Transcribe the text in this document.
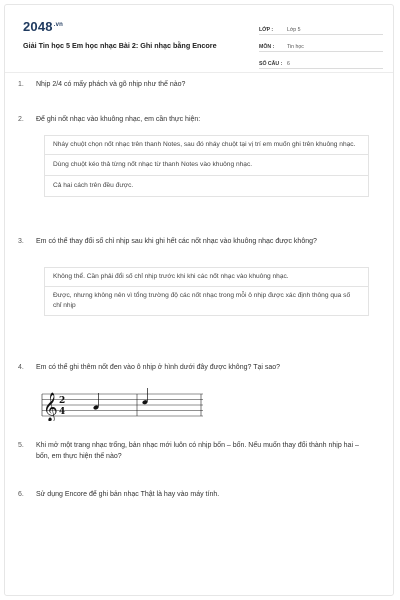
$2048^{.vn}$
Giải Tin học 5 Em học nhạc Bài 2: Ghi nhạc bằng Encore
LỚP :	Lớp 5
MÔN :	Tin học
SỐ CÂU : 6
1.	Nhịp 2/4 có mấy phách và gõ nhịp như thế nào?
2.	Để ghi nốt nhạc vào khuông nhạc, em cần thực hiện:
Nháy chuột chọn nốt nhạc trên thanh Notes, sau đó nháy chuột tại vị trí em muốn ghi trên khuông nhạc.
Dùng chuột kéo thả từng nốt nhạc từ thanh Notes vào khuông nhạc.
Cả hai cách trên đều được.
3.	Em có thể thay đổi số chỉ nhịp sau khi ghi hết các nốt nhạc vào khuông nhạc được không?
Không thể. Cần phải đổi số chỉ nhịp trước khi khi các nốt nhạc vào khuông nhạc.
Được, nhưng không nên vì tổng trường độ các nốt nhạc trong mỗi ô nhịp được xác định thông qua số chỉ nhịp
4.	Em có thể ghi thêm nốt đen vào ô nhịp ở hình dưới đây được không? Tại sao?
𝄞 2
4
5.	Khi mở một trang nhạc trống, bản nhạc mới luôn có nhịp bốn – bốn. Nếu muốn thay đổi thành nhịp hai – bốn, em thực hiện thế nào?
6.	Sử dụng Encore để ghi bản nhạc Thật là hay vào máy tính.
